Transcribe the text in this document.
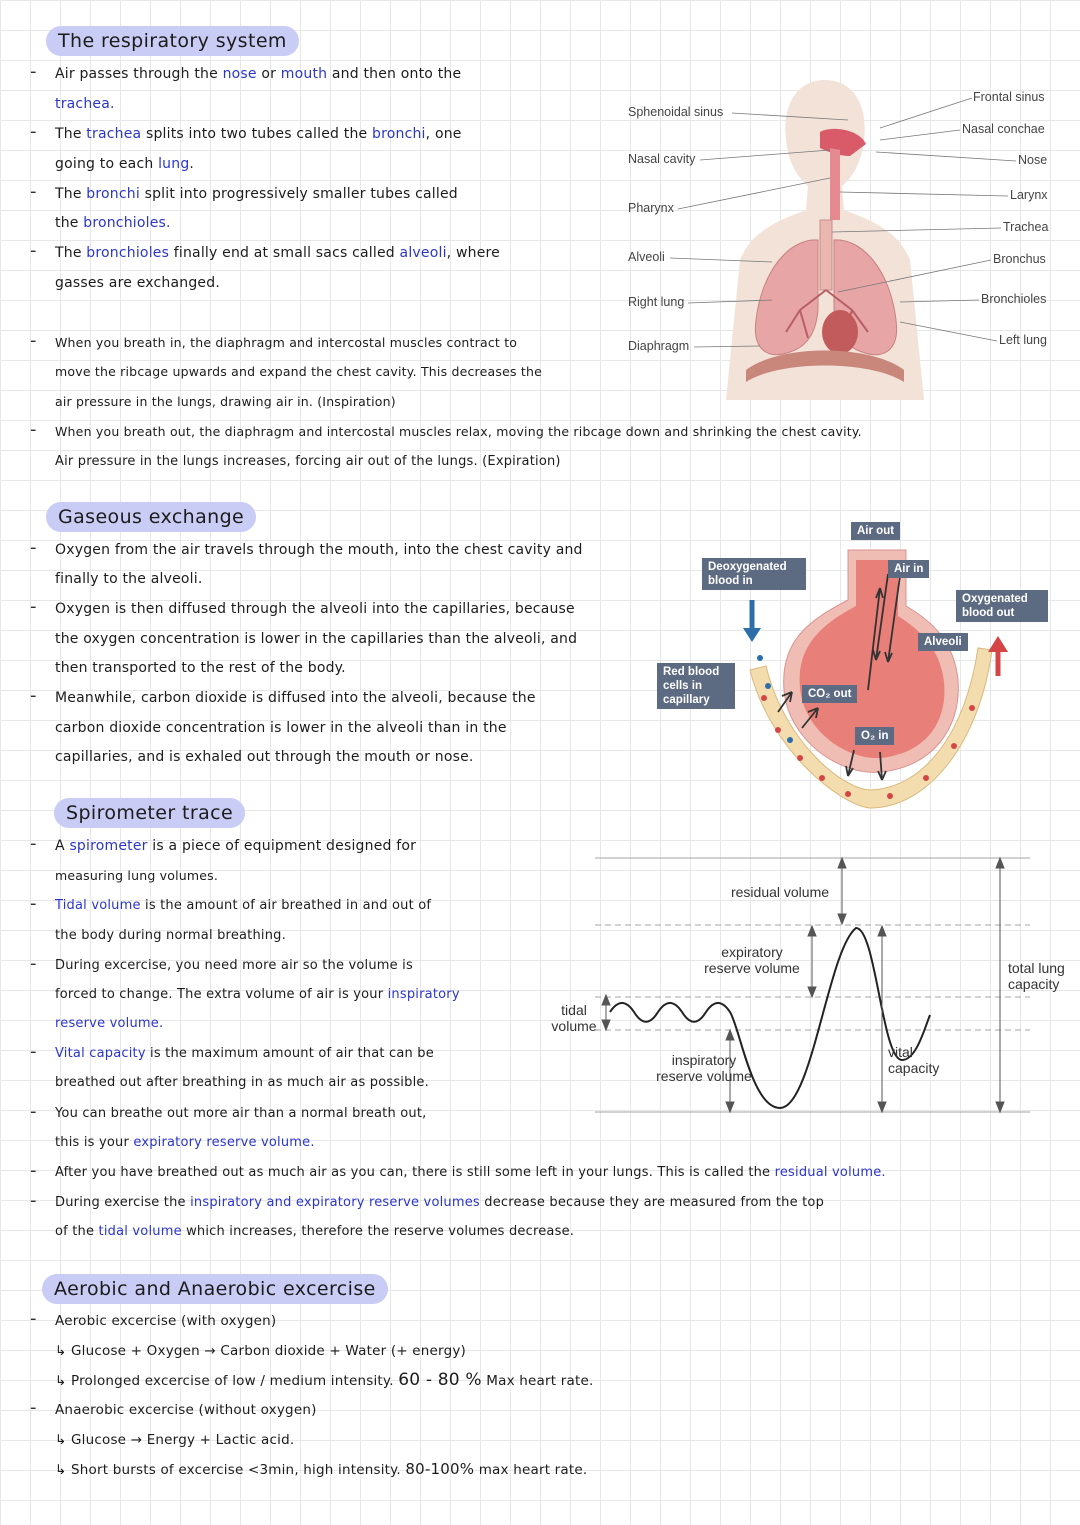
The respiratory system
- Air passes through the nose or mouth and then onto the
trachea.
- The trachea splits into two tubes called the bronchi, one
going to each lung.
- The bronchi split into progressively smaller tubes called
the bronchioles.
- The bronchioles finally end at small sacs called alveoli, where
gasses are exchanged.
- When you breath in, the diaphragm and intercostal muscles contract to
move the ribcage upwards and expand the chest cavity. This decreases the
air pressure in the lungs, drawing air in. (Inspiration)
- When you breath out, the diaphragm and intercostal muscles relax, moving the ribcage down and shrinking the chest cavity.
Air pressure in the lungs increases, forcing air out of the lungs. (Expiration)
Sphenoidal sinus
Nasal cavity
Pharynx
Alveoli
Right lung
Diaphragm
Frontal sinus
Nasal conchae
Nose
Larynx
Trachea
Bronchus
Bronchioles
Left lung
Gaseous exchange
- Oxygen from the air travels through the mouth, into the chest cavity and
finally to the alveoli.
- Oxygen is then diffused through the alveoli into the capillaries, because
the oxygen concentration is lower in the capillaries than the alveoli, and
then transported to the rest of the body.
- Meanwhile, carbon dioxide is diffused into the alveoli, because the
carbon dioxide concentration is lower in the alveoli than in the
capillaries, and is exhaled out through the mouth or nose.
Air out
Air in
Deoxygenated blood in
Oxygenated blood out
Alveoli
Red blood cells in capillary	CO₂ out
O₂ in
Spirometer trace
- A spirometer is a piece of equipment designed for
measuring lung volumes.
- Tidal volume is the amount of air breathed in and out of
the body during normal breathing.
- During excercise, you need more air so the volume is
forced to change. The extra volume of air is your inspiratory
reserve volume.
- Vital capacity is the maximum amount of air that can be
breathed out after breathing in as much air as possible.
- You can breathe out more air than a normal breath out,
this is your expiratory reserve volume.
- After you have breathed out as much air as you can, there is still some left in your lungs. This is called the residual volume.
- During exercise the inspiratory and expiratory reserve volumes decrease because they are measured from the top
of the tidal volume which increases, therefore the reserve volumes decrease.
residual volume
expiratory reserve volume
tidal volume
inspiratory reserve volume
vital capacity
total lung capacity
Aerobic and Anaerobic excercise
- Aerobic excercise (with oxygen)
↳ Glucose + Oxygen → Carbon dioxide + Water (+ energy)
↳ Prolonged excercise of low / medium intensity. 60 - 80 % Max heart rate.
- Anaerobic excercise (without oxygen)
↳ Glucose → Energy + Lactic acid.
↳ Short bursts of excercise <3min, high intensity. 80-100% max heart rate.
